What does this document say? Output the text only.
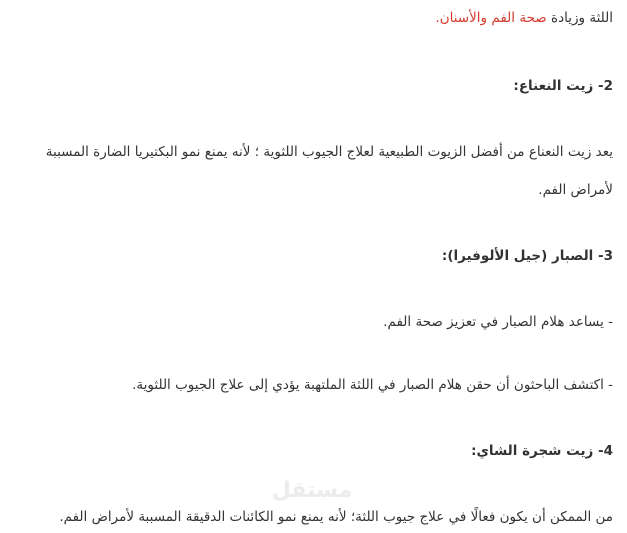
اللثة وزيادة صحة الفم والأسنان.

2- زيت النعناع:

يعد زيت النعناع من أفضل الزيوت الطبيعية لعلاج الجيوب اللثوية ؛ لأنه يمنع نمو البكتيريا الضارة المسببة

لأمراض الفم.

3- الصبار (جيل الألوفيرا):

- يساعد هلام الصبار في تعزيز صحة الفم.

- اكتشف الباحثون أن حقن هلام الصبار في اللثة الملتهبة يؤدي إلى علاج الجيوب اللثوية.

4- زيت شجرة الشاي:

من الممكن أن يكون فعالًا في علاج جيوب اللثة؛ لأنه يمنع نمو الكائنات الدقيقة المسببة لأمراض الفم.

مستقل
